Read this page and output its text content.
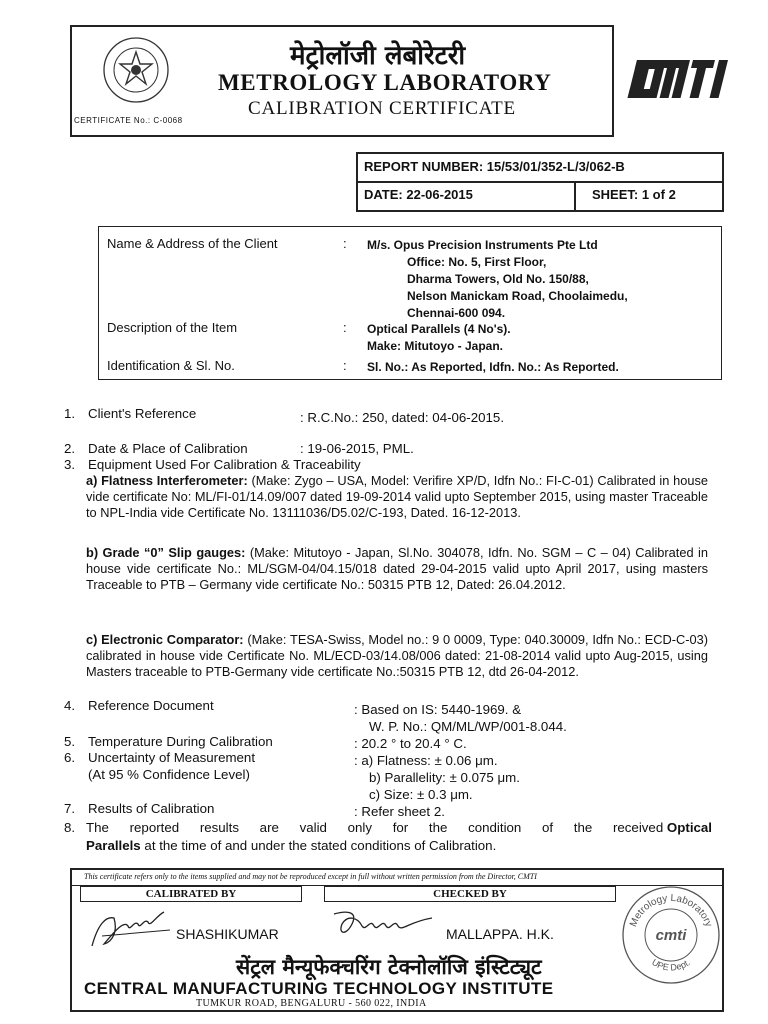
CERTIFICATE No.: C-0068
मेट्रोलॉजी लेबोरेटरी
METROLOGY LABORATORY
CALIBRATION CERTIFICATE
REPORT NUMBER: 15/53/01/352-L/3/062-B
DATE: 22-06-2015	SHEET: 1 of 2
Name & Address of the Client	: M/s. Opus Precision Instruments Pte Ltd
Office: No. 5, First Floor,
Dharma Towers, Old No. 150/88,
Nelson Manickam Road, Choolaimedu,
Chennai-600 094.
Description of the Item	: Optical Parallels (4 No's).
Make: Mitutoyo - Japan.
Identification & Sl. No.	: Sl. No.: As Reported, Idfn. No.: As Reported.
1. Client's Reference	: R.C.No.: 250, dated: 04-06-2015.
2. Date & Place of Calibration	: 19-06-2015, PML.
3. Equipment Used For Calibration & Traceability
a) Flatness Interferometer: (Make: Zygo – USA, Model: Verifire XP/D, Idfn No.: FI-C-01) Calibrated in house vide certificate No: ML/FI-01/14.09/007 dated 19-09-2014 valid upto September 2015, using master Traceable to NPL-India vide Certificate No. 13111036/D5.02/C-193, Dated. 16-12-2013.
b) Grade “0” Slip gauges: (Make: Mitutoyo - Japan, Sl.No. 304078, Idfn. No. SGM – C – 04) Calibrated in house vide certificate No.: ML/SGM-04/04.15/018 dated 29-04-2015 valid upto April 2017, using masters Traceable to PTB – Germany vide certificate No.: 50315 PTB 12, Dated: 26.04.2012.
c) Electronic Comparator: (Make: TESA-Swiss, Model no.: 9 0 0009, Type: 040.30009, Idfn No.: ECD-C-03) calibrated in house vide Certificate No. ML/ECD-03/14.08/006 dated: 21-08-2014 valid upto Aug-2015, using Masters traceable to PTB-Germany vide certificate No.:50315 PTB 12, dtd 26-04-2012.
4. Reference Document	: Based on IS: 5440-1969. &
W. P. No.: QM/ML/WP/001-8.044.
5. Temperature During Calibration	: 20.2 ° to 20.4 ° C.
6. Uncertainty of Measurement
(At 95 % Confidence Level)
: a) Flatness: ± 0.06 μm.
b) Parallelity: ± 0.075 μm.
c) Size: ± 0.3 μm.
7. Results of Calibration	: Refer sheet 2.
8. The reported results are valid only for the condition of the received
Optical
Parallels at the time of and under the stated conditions of Calibration.
This certificate refers only to the items supplied and may not be reproduced except in full without written permission from the Director, CMTI
CALIBRATED BY	CHECKED BY
SHASHIKUMAR	MALLAPPA. H.K.
सेंट्रल मैन्यूफेक्चरिंग टेक्नोलॉजि इंस्टिट्यूट
CENTRAL MANUFACTURING TECHNOLOGY INSTITUTE
TUMKUR ROAD, BENGALURU - 560 022, INDIA
Metrology Laboratory
UPE Dept.
cmti
